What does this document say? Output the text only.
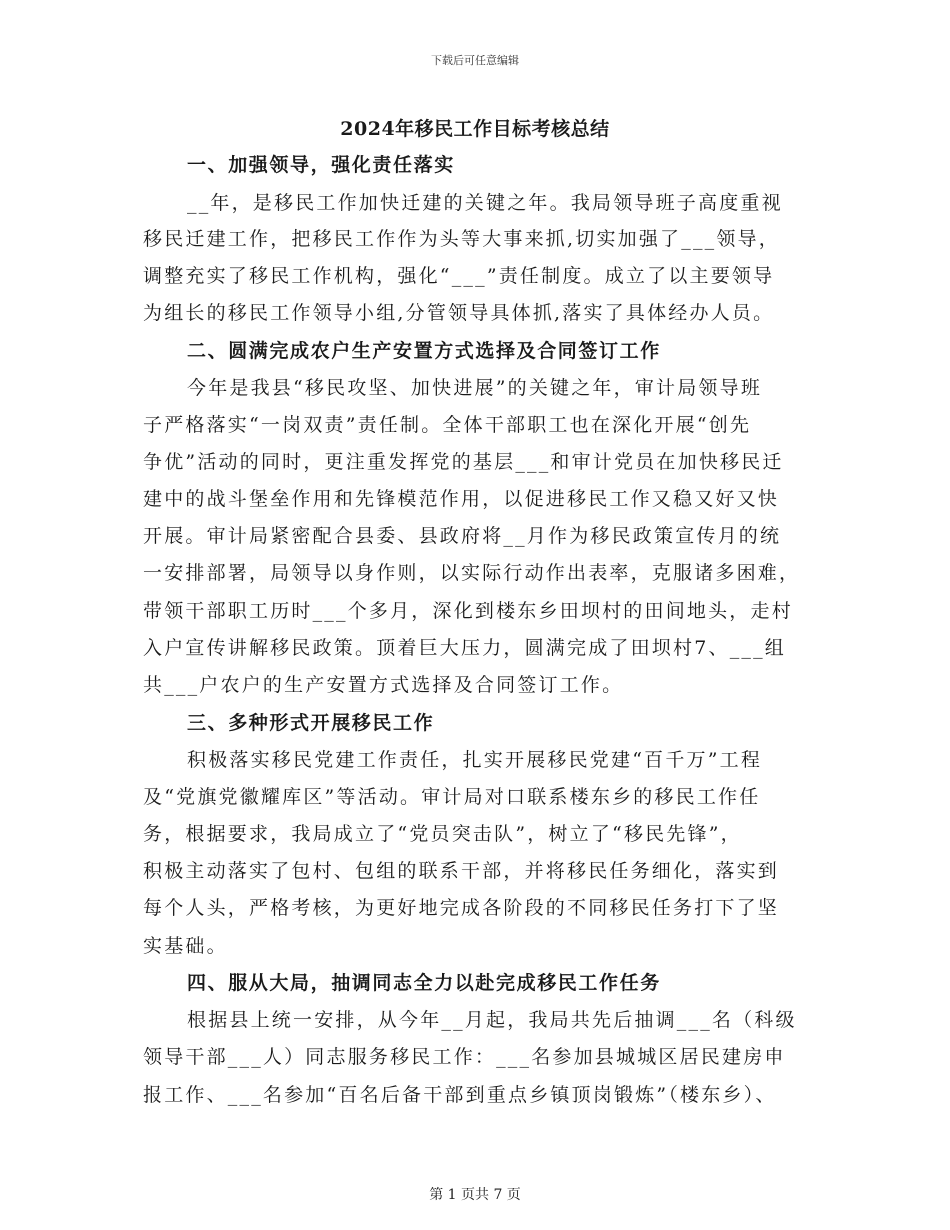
下载后可任意编辑
2024年移民工作目标考核总结
一、加强领导，强化责任落实
__年，是移民工作加快迁建的关键之年。我局领导班子高度重视
移民迁建工作，把移民工作作为头等大事来抓,切实加强了___领导，
调整充实了移民工作机构，强化“___”责任制度。成立了以主要领导
为组长的移民工作领导小组,分管领导具体抓,落实了具体经办人员。
二、圆满完成农户生产安置方式选择及合同签订工作
今年是我县“移民攻坚、加快进展”的关键之年，审计局领导班
子严格落实“一岗双责”责任制。全体干部职工也在深化开展“创先
争优”活动的同时，更注重发挥党的基层___和审计党员在加快移民迁
建中的战斗堡垒作用和先锋模范作用，以促进移民工作又稳又好又快
开展。审计局紧密配合县委、县政府将__月作为移民政策宣传月的统
一安排部署，局领导以身作则，以实际行动作出表率，克服诸多困难，
带领干部职工历时___个多月，深化到楼东乡田坝村的田间地头，走村
入户宣传讲解移民政策。顶着巨大压力，圆满完成了田坝村7、___组
共___户农户的生产安置方式选择及合同签订工作。
三、多种形式开展移民工作
积极落实移民党建工作责任，扎实开展移民党建“百千万”工程
及“党旗党徽耀库区”等活动。审计局对口联系楼东乡的移民工作任
务，根据要求，我局成立了“党员突击队”，树立了“移民先锋”，
积极主动落实了包村、包组的联系干部，并将移民任务细化，落实到
每个人头，严格考核，为更好地完成各阶段的不同移民任务打下了坚
实基础。
四、服从大局，抽调同志全力以赴完成移民工作任务
根据县上统一安排，从今年__月起，我局共先后抽调___名（科级
领导干部___人）同志服务移民工作：___名参加县城城区居民建房申
报工作、___名参加“百名后备干部到重点乡镇顶岗锻炼”（楼东乡）、
第 1 页共 7 页
